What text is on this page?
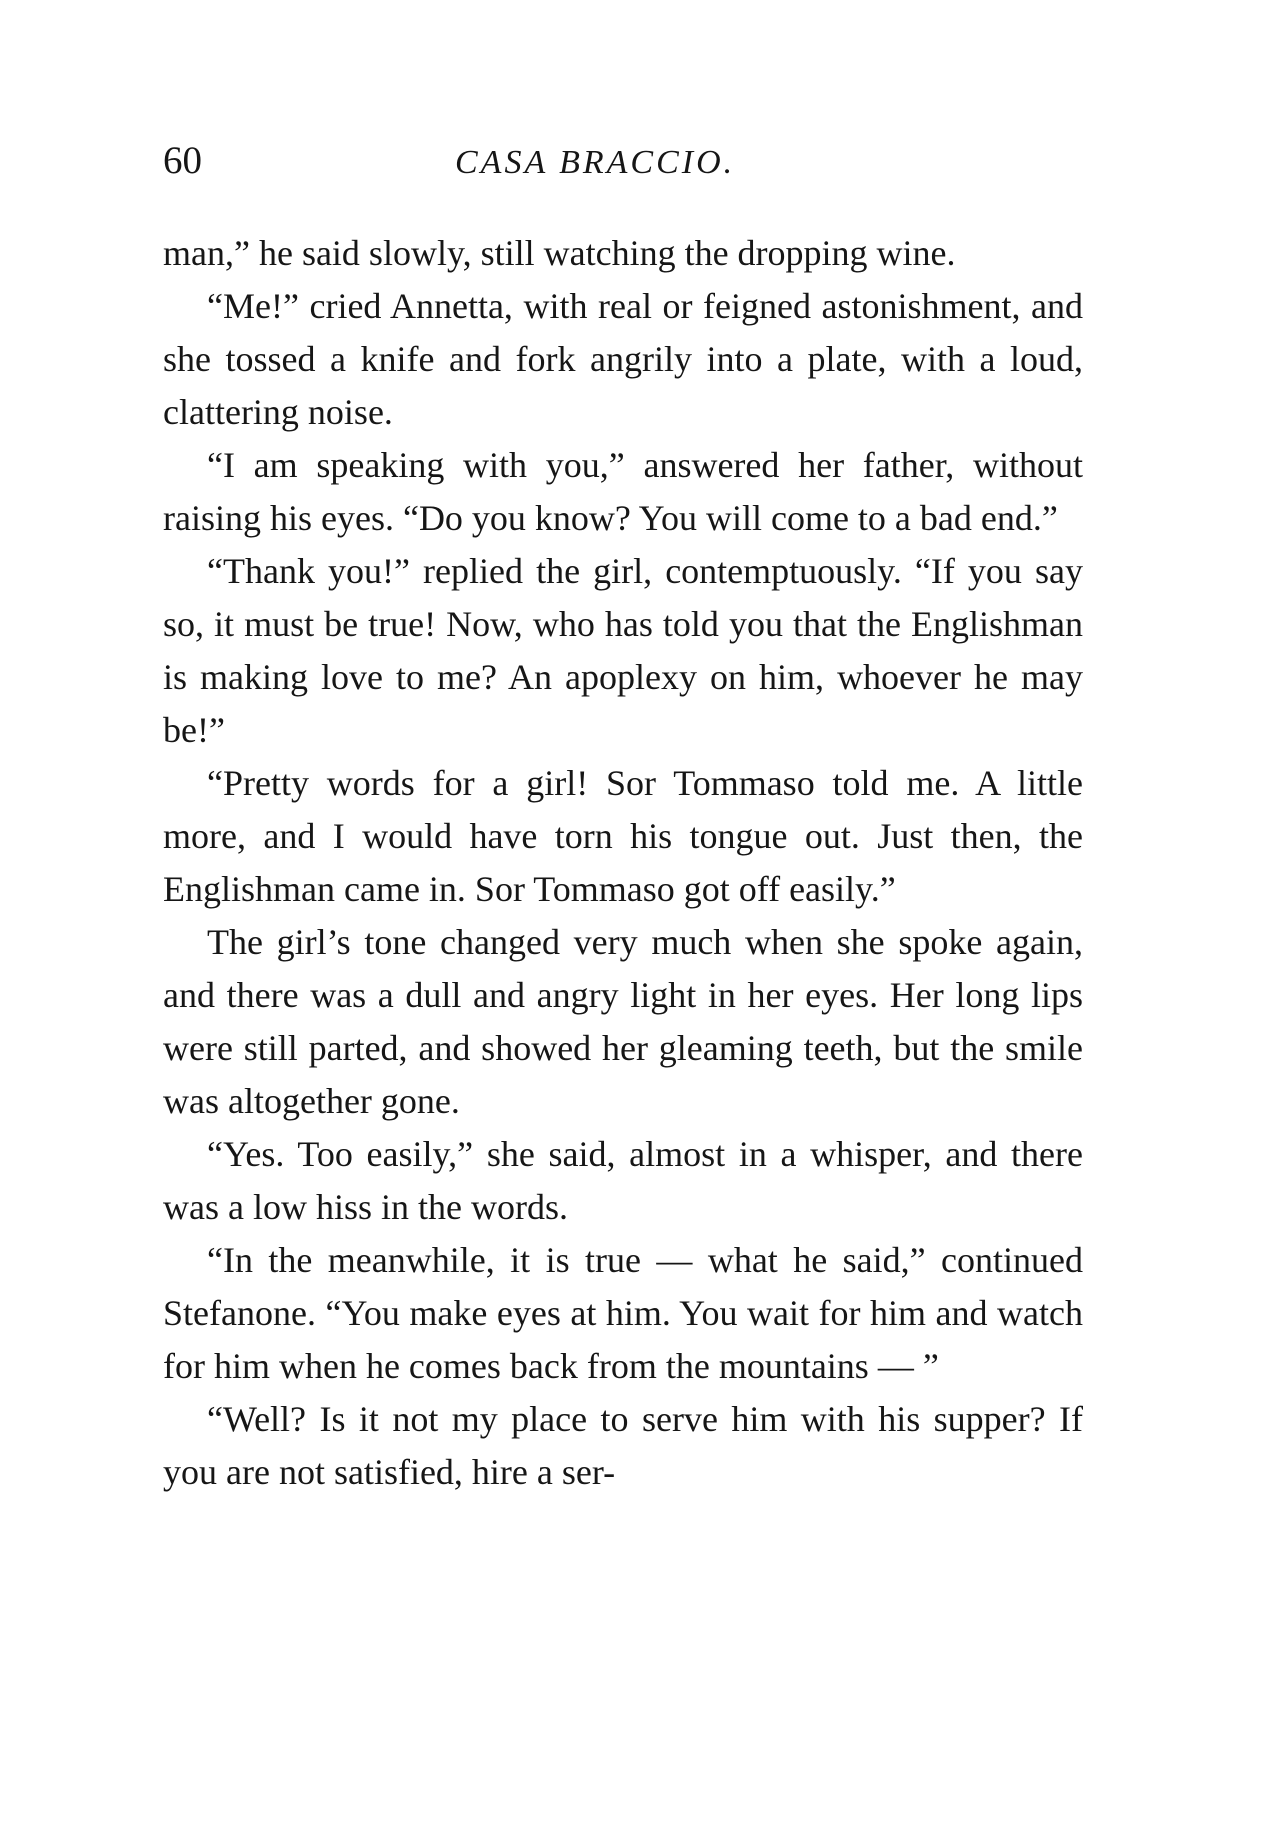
60	CASA BRACCIO.

man,” he said slowly, still watching the dropping wine.

“Me!” cried Annetta, with real or feigned astonishment, and she tossed a knife and fork angrily into a plate, with a loud, clattering noise.

“I am speaking with you,” answered her father, without raising his eyes. “Do you know? You will come to a bad end.”

“Thank you!” replied the girl, contemptuously. “If you say so, it must be true! Now, who has told you that the Englishman is making love to me? An apoplexy on him, whoever he may be!”

“Pretty words for a girl! Sor Tommaso told me. A little more, and I would have torn his tongue out. Just then, the Englishman came in. Sor Tommaso got off easily.”

The girl’s tone changed very much when she spoke again, and there was a dull and angry light in her eyes. Her long lips were still parted, and showed her gleaming teeth, but the smile was altogether gone.

“Yes. Too easily,” she said, almost in a whisper, and there was a low hiss in the words.

“In the meanwhile, it is true — what he said,” continued Stefanone. “You make eyes at him. You wait for him and watch for him when he comes back from the mountains — ”

“Well? Is it not my place to serve him with his supper? If you are not satisfied, hire a ser-
